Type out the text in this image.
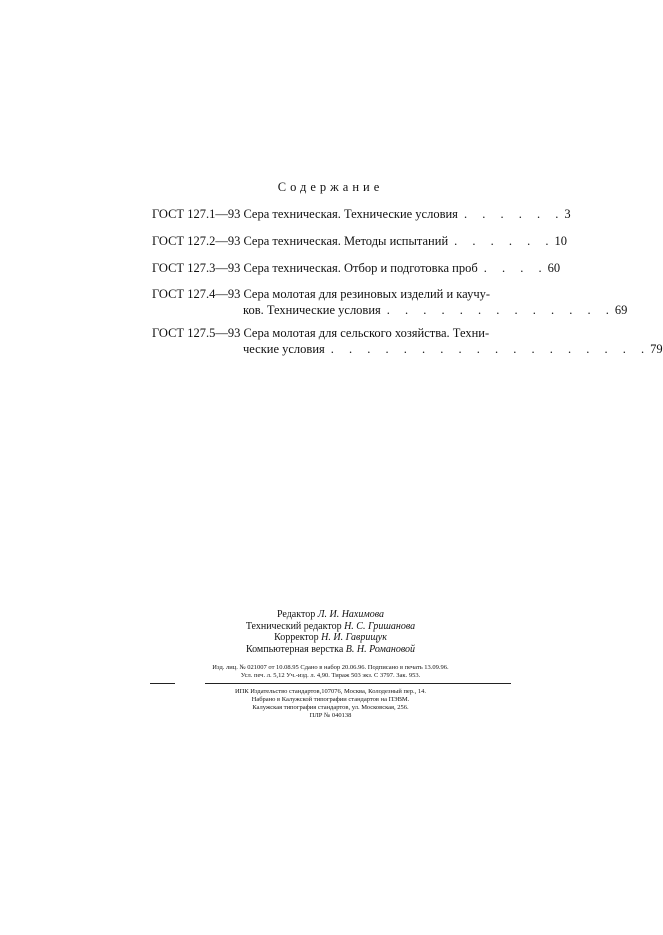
Содержание
ГОСТ 127.1—93 Сера техническая. Технические условия . . . . . . 3
ГОСТ 127.2—93 Сера техническая. Методы испытаний . . . . . . 10
ГОСТ 127.3—93 Сера техническая. Отбор и подготовка проб . . . . 60
ГОСТ 127.4—93 Сера молотая для резиновых изделий и каучу-
ков. Технические условия . . . . . . . . . . . . . 69
ГОСТ 127.5—93 Сера молотая для сельского хозяйства. Техни-
ческие условия . . . . . . . . . . . . . . . . . . 79
Редактор Л. И. Нахимова
Технический редактор Н. С. Гришанова
Корректор Н. И. Гаврищук
Компьютерная верстка В. Н. Романовой
Изд. лиц. № 021007 от 10.08.95 Сдано в набор 20.06.96. Подписано в печать 13.09.96.
Усл. печ. л. 5,12 Уч.-изд. л. 4,90. Тираж 503 экз. С 3797. Зак. 953.
ИПК Издательство стандартов,107076, Москва, Колодезный пер., 14.
Набрано в Калужской типографии стандартов на ПЭВМ.
Калужская типография стандартов, ул. Московская, 256.
ПЛР № 040138
